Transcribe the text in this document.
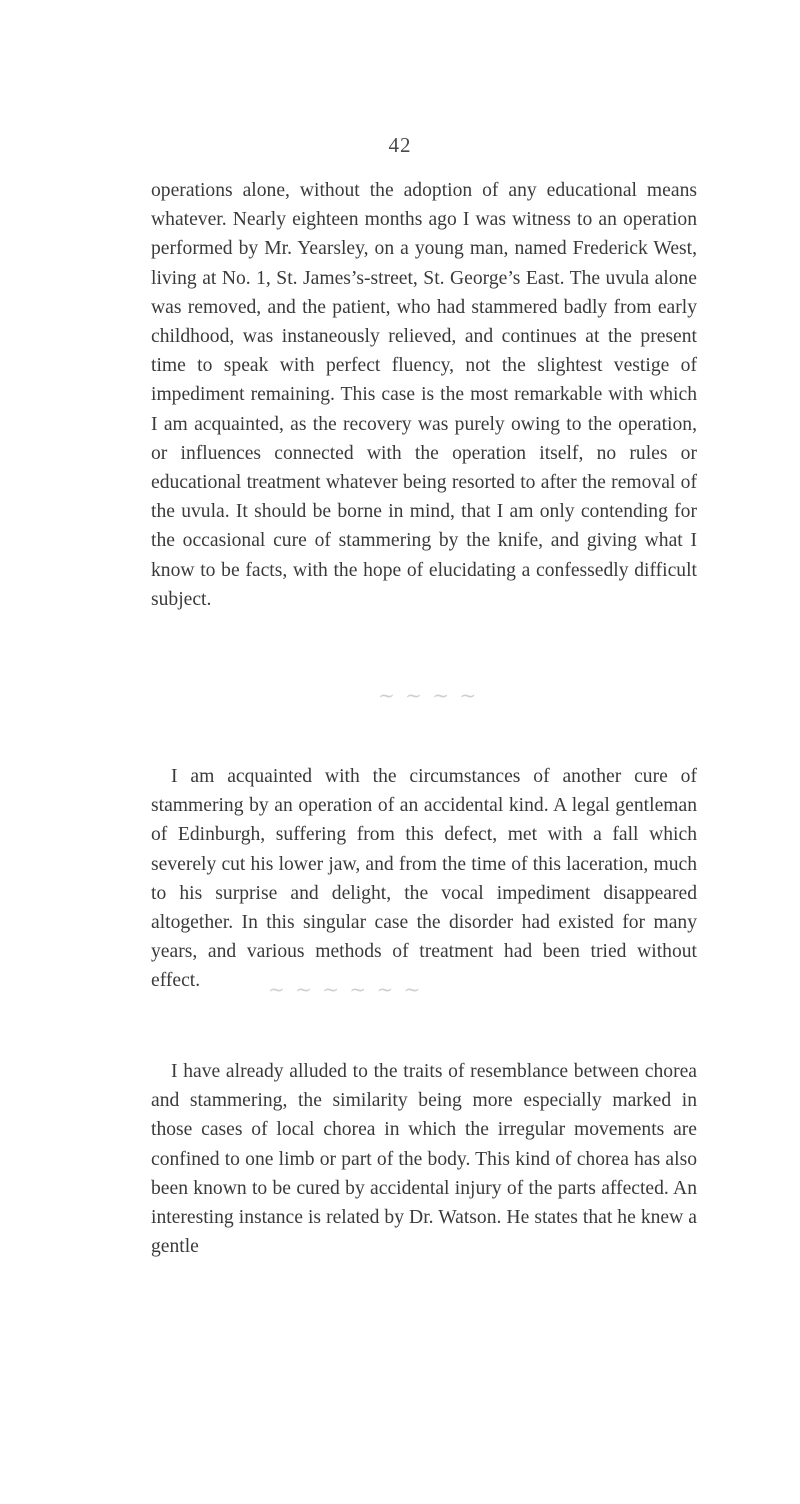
42

operations alone, without the adoption of any educational means whatever. Nearly eighteen months ago I was witness to an operation performed by Mr. Yearsley, on a young man, named Frederick West, living at No. 1, St. James’s-street, St. George’s East. The uvula alone was removed, and the patient, who had stammered badly from early childhood, was instaneously relieved, and continues at the present time to speak with perfect fluency, not the slightest vestige of impediment remaining. This case is the most remarkable with which I am acquainted, as the recovery was purely owing to the operation, or influences connected with the operation itself, no rules or educational treatment whatever being resorted to after the removal of the uvula. It should be borne in mind, that I am only contending for the occasional cure of stammering by the knife, and giving what I know to be facts, with the hope of elucidating a confessedly difficult subject.

~ ~ ~ ~

I am acquainted with the circumstances of another cure of stammering by an operation of an accidental kind. A legal gentleman of Edinburgh, suffering from this defect, met with a fall which severely cut his lower jaw, and from the time of this laceration, much to his surprise and delight, the vocal impediment disappeared altogether. In this singular case the disorder had existed for many years, and various methods of treatment had been tried without effect.	~ ~ ~ ~ ~ ~

I have already alluded to the traits of resemblance between chorea and stammering, the similarity being more especially marked in those cases of local chorea in which the irregular movements are confined to one limb or part of the body. This kind of chorea has also been known to be cured by accidental injury of the parts affected. An interesting instance is related by Dr. Watson. He states that he knew a gentle
